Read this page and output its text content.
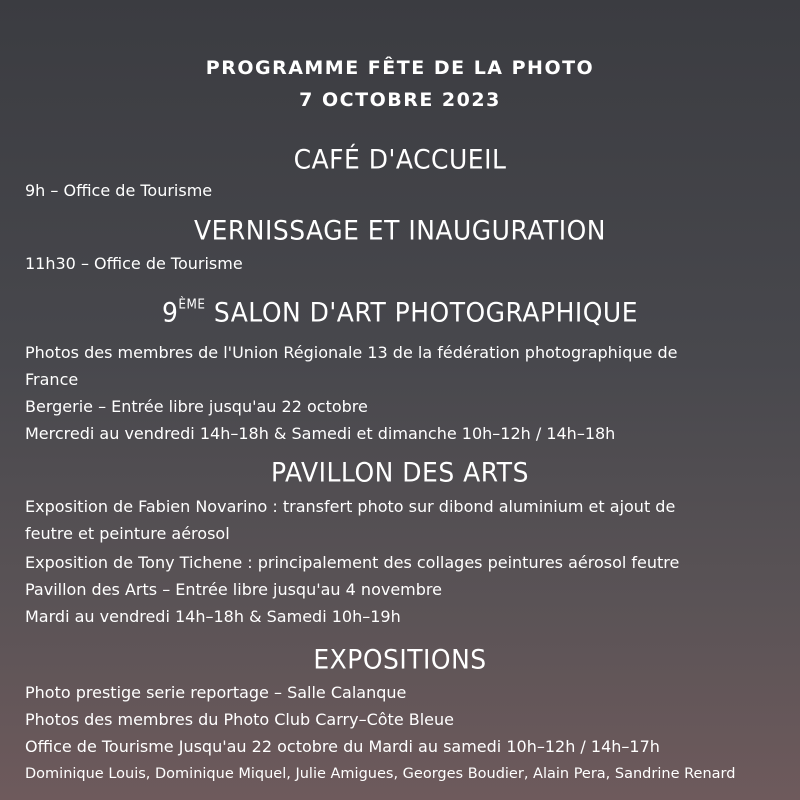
PROGRAMME FÊTE DE LA PHOTO
7 OCTOBRE 2023
CAFÉ D'ACCUEIL
9h – Office de Tourisme
VERNISSAGE ET INAUGURATION
11h30 – Office de Tourisme
9ÈME SALON D'ART PHOTOGRAPHIQUE
Photos des membres de l'Union Régionale 13 de la fédération photographique de
France
Bergerie – Entrée libre jusqu'au 22 octobre
Mercredi au vendredi 14h–18h & Samedi et dimanche 10h–12h / 14h–18h
PAVILLON DES ARTS
Exposition de Fabien Novarino : transfert photo sur dibond aluminium et ajout de
feutre et peinture aérosol
Exposition de Tony Tichene : principalement des collages peintures aérosol feutre
Pavillon des Arts – Entrée libre jusqu'au 4 novembre
Mardi au vendredi 14h–18h & Samedi 10h–19h
EXPOSITIONS
Photo prestige serie reportage – Salle Calanque
Photos des membres du Photo Club Carry–Côte Bleue
Office de Tourisme Jusqu'au 22 octobre du Mardi au samedi 10h–12h / 14h–17h
Dominique Louis, Dominique Miquel, Julie Amigues, Georges Boudier, Alain Pera, Sandrine Renard
